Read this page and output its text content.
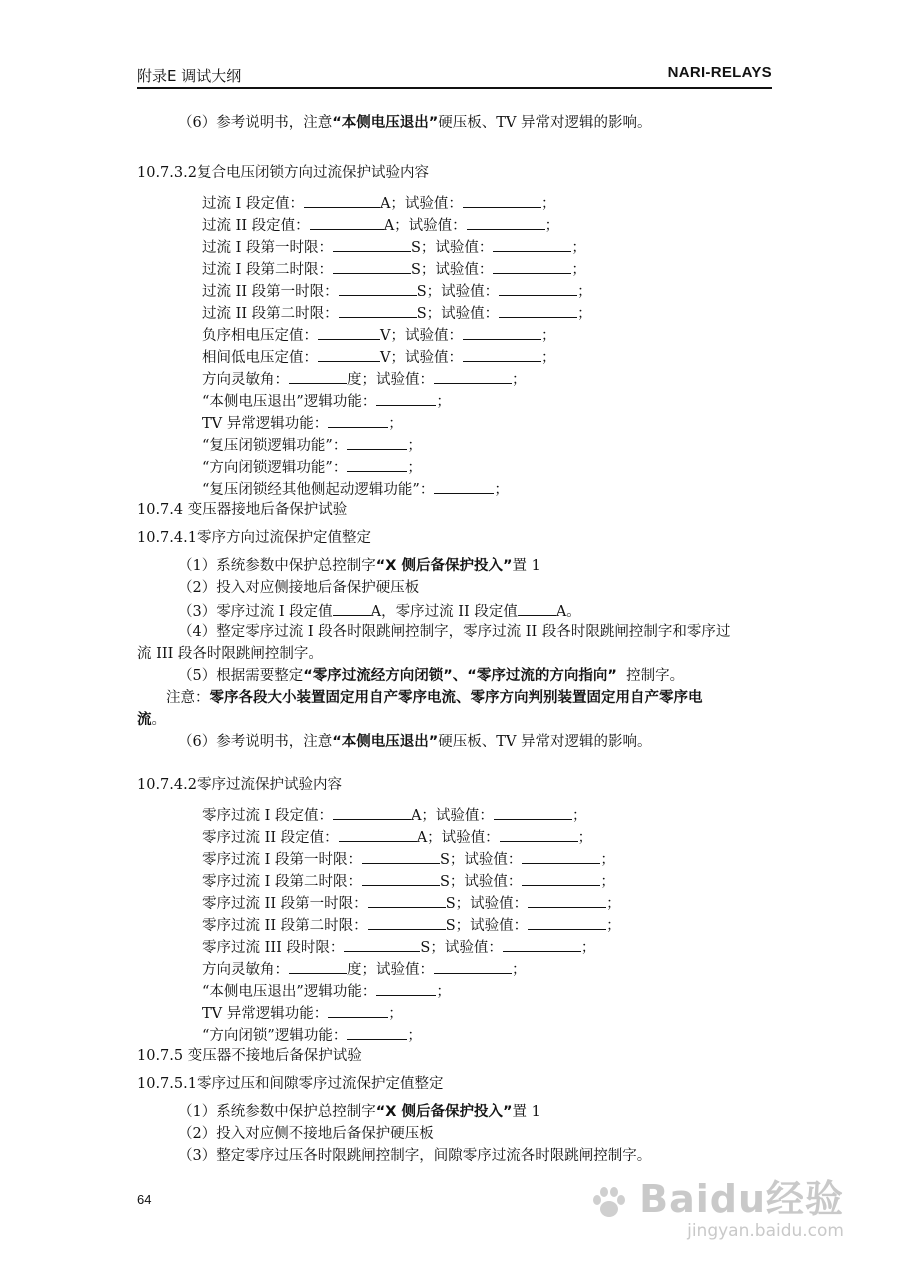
附录E 调试大纲	NARI-RELAYS
（6）参考说明书，注意“本侧电压退出”硬压板、TV 异常对逻辑的影响。
10.7.3.2复合电压闭锁方向过流保护试验内容
过流 I 段定值：	A；试验值：	；
过流 II 段定值：	A；试验值：	；
过流 I 段第一时限：	S；试验值：	；
过流 I 段第二时限：	S；试验值：	；
过流 II 段第一时限：	S；试验值：	；
过流 II 段第二时限：	S；试验值：	；
负序相电压定值：	V；试验值：	；
相间低电压定值：	V；试验值：	；
方向灵敏角：	度；试验值：	；
“本侧电压退出”逻辑功能：	；
TV 异常逻辑功能：	；
“复压闭锁逻辑功能”：	；
“方向闭锁逻辑功能”：	；
“复压闭锁经其他侧起动逻辑功能”：	；
10.7.4 变压器接地后备保护试验
10.7.4.1零序方向过流保护定值整定
（1）系统参数中保护总控制字“X 侧后备保护投入”置 1
（2）投入对应侧接地后备保护硬压板
（3）零序过流 I 段定值	A，零序过流 II 段定值	A。
（4）整定零序过流 I 段各时限跳闸控制字，零序过流 II 段各时限跳闸控制字和零序过
流 III 段各时限跳闸控制字。
（5）根据需要整定“零序过流经方向闭锁”、“零序过流的方向指向” 控制字。
注意：零序各段大小装置固定用自产零序电流、零序方向判别装置固定用自产零序电
流。
（6）参考说明书，注意“本侧电压退出”硬压板、TV 异常对逻辑的影响。
10.7.4.2零序过流保护试验内容
零序过流 I 段定值：	A；试验值：	；
零序过流 II 段定值：	A；试验值：	；
零序过流 I 段第一时限：	S；试验值：	；
零序过流 I 段第二时限：	S；试验值：	；
零序过流 II 段第一时限：	S；试验值：	；
零序过流 II 段第二时限：	S；试验值：	；
零序过流 III 段时限：	S；试验值：	；
方向灵敏角：	度；试验值：	；
“本侧电压退出”逻辑功能：	；
TV 异常逻辑功能：	；
“方向闭锁”逻辑功能：	；
10.7.5 变压器不接地后备保护试验
10.7.5.1零序过压和间隙零序过流保护定值整定
（1）系统参数中保护总控制字“X 侧后备保护投入”置 1
（2）投入对应侧不接地后备保护硬压板
（3）整定零序过压各时限跳闸控制字，间隙零序过流各时限跳闸控制字。
64	Baidu经验
jingyan.baidu.com
